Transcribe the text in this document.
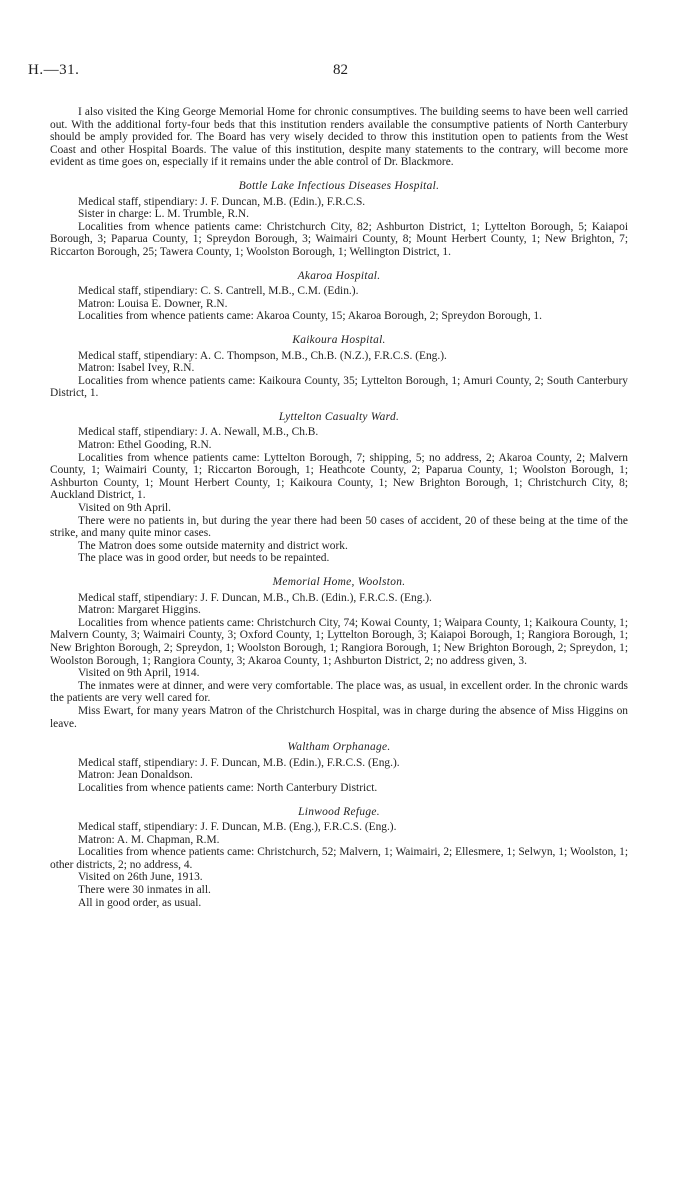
H.—31.	82

I also visited the King George Memorial Home for chronic consumptives. The building seems to have been well carried out. With the additional forty-four beds that this institution renders available the consumptive patients of North Canterbury should be amply provided for. The Board has very wisely decided to throw this institution open to patients from the West Coast and other Hospital Boards. The value of this institution, despite many statements to the contrary, will become more evident as time goes on, especially if it remains under the able control of Dr. Blackmore.

Bottle Lake Infectious Diseases Hospital.

Medical staff, stipendiary: J. F. Duncan, M.B. (Edin.), F.R.C.S.

Sister in charge: L. M. Trumble, R.N.

Localities from whence patients came: Christchurch City, 82; Ashburton District, 1; Lyttelton Borough, 5; Kaiapoi Borough, 3; Paparua County, 1; Spreydon Borough, 3; Waimairi County, 8; Mount Herbert County, 1; New Brighton, 7; Riccarton Borough, 25; Tawera County, 1; Woolston Borough, 1; Wellington District, 1.

Akaroa Hospital.

Medical staff, stipendiary: C. S. Cantrell, M.B., C.M. (Edin.).

Matron: Louisa E. Downer, R.N.

Localities from whence patients came: Akaroa County, 15; Akaroa Borough, 2; Spreydon Borough, 1.

Kaikoura Hospital.

Medical staff, stipendiary: A. C. Thompson, M.B., Ch.B. (N.Z.), F.R.C.S. (Eng.).

Matron: Isabel Ivey, R.N.

Localities from whence patients came: Kaikoura County, 35; Lyttelton Borough, 1; Amuri County, 2; South Canterbury District, 1.

Lyttelton Casualty Ward.

Medical staff, stipendiary: J. A. Newall, M.B., Ch.B.

Matron: Ethel Gooding, R.N.

Localities from whence patients came: Lyttelton Borough, 7; shipping, 5; no address, 2; Akaroa County, 2; Malvern County, 1; Waimairi County, 1; Riccarton Borough, 1; Heathcote County, 2; Paparua County, 1; Woolston Borough, 1; Ashburton County, 1; Mount Herbert County, 1; Kaikoura County, 1; New Brighton Borough, 1; Christchurch City, 8; Auckland District, 1.

Visited on 9th April.

There were no patients in, but during the year there had been 50 cases of accident, 20 of these being at the time of the strike, and many quite minor cases.

The Matron does some outside maternity and district work.

The place was in good order, but needs to be repainted.

Memorial Home, Woolston.

Medical staff, stipendiary: J. F. Duncan, M.B., Ch.B. (Edin.), F.R.C.S. (Eng.).

Matron: Margaret Higgins.

Localities from whence patients came: Christchurch City, 74; Kowai County, 1; Waipara County, 1; Kaikoura County, 1; Malvern County, 3; Waimairi County, 3; Oxford County, 1; Lyttelton Borough, 3; Kaiapoi Borough, 1; Rangiora Borough, 1; New Brighton Borough, 2; Spreydon, 1; Woolston Borough, 1; Rangiora Borough, 1; New Brighton Borough, 2; Spreydon, 1; Woolston Borough, 1; Rangiora County, 3; Akaroa County, 1; Ashburton District, 2; no address given, 3.

Visited on 9th April, 1914.

The inmates were at dinner, and were very comfortable. The place was, as usual, in excellent order. In the chronic wards the patients are very well cared for.

Miss Ewart, for many years Matron of the Christchurch Hospital, was in charge during the absence of Miss Higgins on leave.

Waltham Orphanage.

Medical staff, stipendiary: J. F. Duncan, M.B. (Edin.), F.R.C.S. (Eng.).

Matron: Jean Donaldson.

Localities from whence patients came: North Canterbury District.

Linwood Refuge.

Medical staff, stipendiary: J. F. Duncan, M.B. (Eng.), F.R.C.S. (Eng.).

Matron: A. M. Chapman, R.M.

Localities from whence patients came: Christchurch, 52; Malvern, 1; Waimairi, 2; Ellesmere, 1; Selwyn, 1; Woolston, 1; other districts, 2; no address, 4.

Visited on 26th June, 1913.

There were 30 inmates in all.

All in good order, as usual.
